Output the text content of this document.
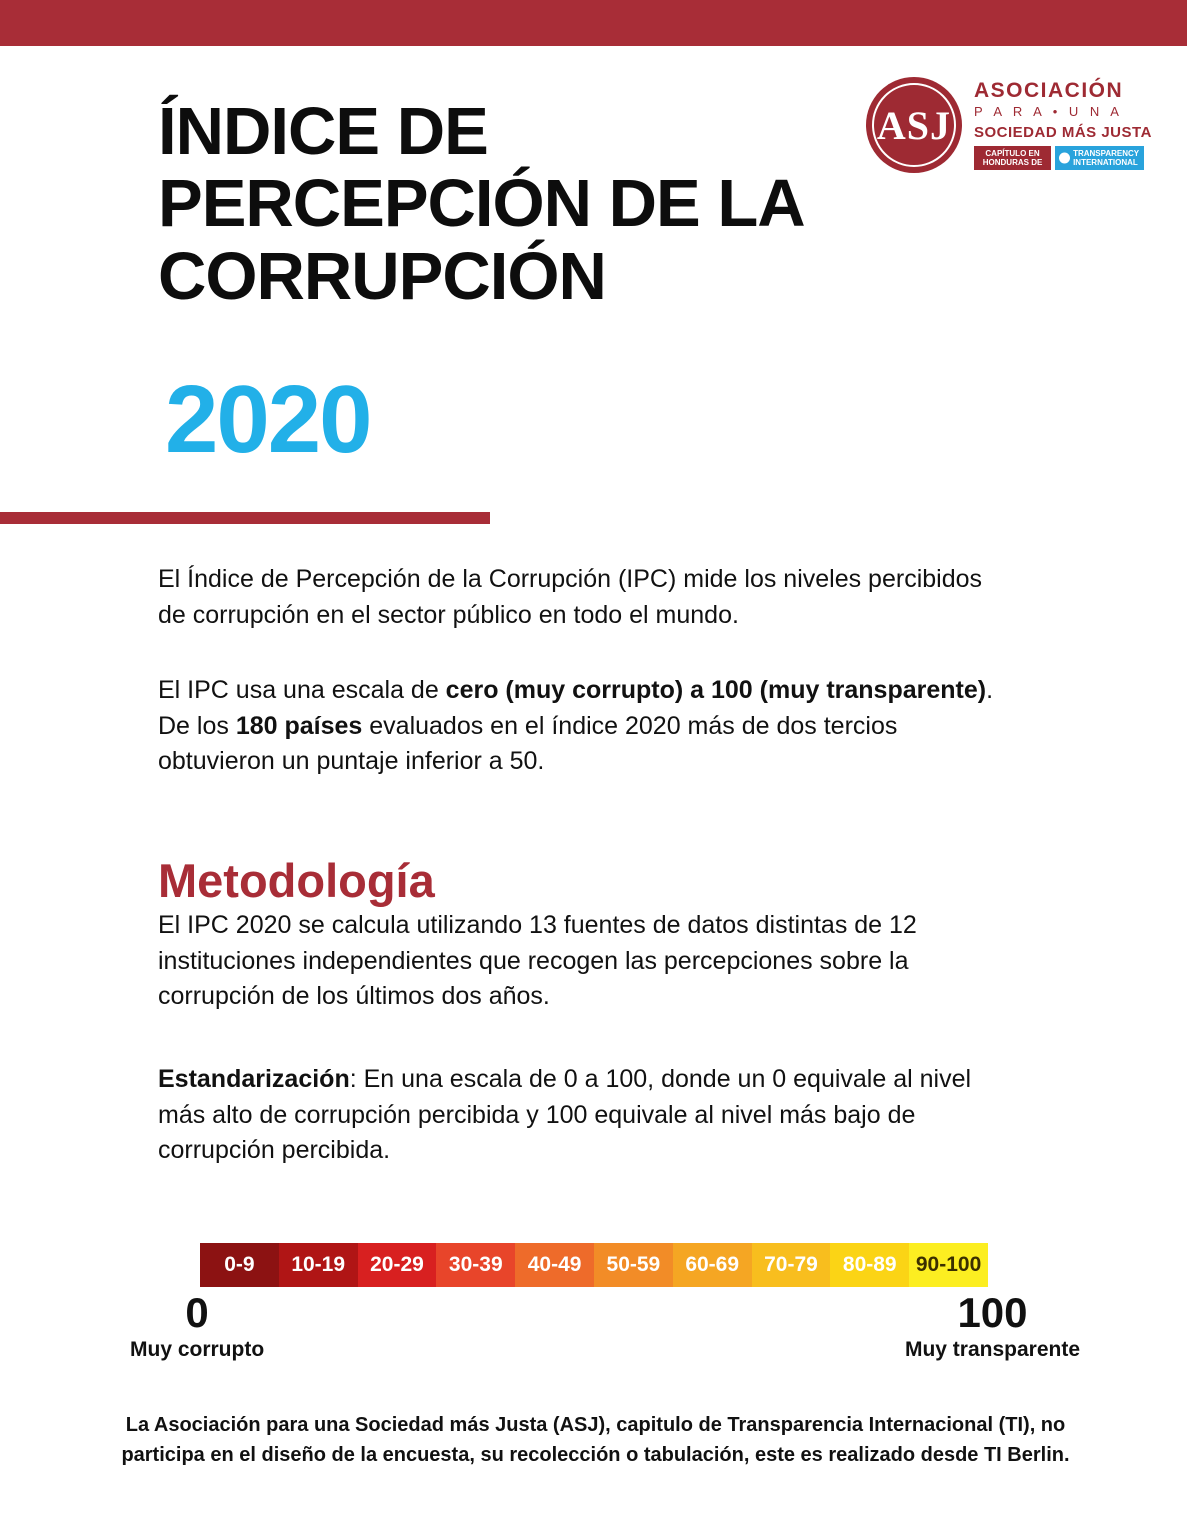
ASJ
ASOCIACIÓN
P A R A • U N A
SOCIEDAD MÁS JUSTA
CAPÍTULO EN HONDURAS DE
TRANSPARENCY INTERNATIONAL
ÍNDICE DE PERCEPCIÓN DE LA CORRUPCIÓN
2020
El Índice de Percepción de la Corrupción (IPC) mide los niveles percibidos de corrupción en el sector público en todo el mundo.
El IPC usa una escala de cero (muy corrupto) a 100 (muy transparente). De los 180 países evaluados en el índice 2020 más de dos tercios obtuvieron un puntaje inferior a 50.
Metodología
El IPC 2020 se calcula utilizando 13 fuentes de datos distintas de 12 instituciones independientes que recogen las percepciones sobre la corrupción de los últimos dos años.
Estandarización: En una escala de 0 a 100, donde un 0 equivale al nivel más alto de corrupción percibida y 100 equivale al nivel más bajo de corrupción percibida.
0-9 10-19 20-29 30-39 40-49 50-59 60-69 70-79 80-89 90-100
0
Muy corrupto
100
Muy transparente
La Asociación para una Sociedad más Justa (ASJ), capitulo de Transparencia Internacional (TI), no participa en el diseño de la encuesta, su recolección o tabulación, este es realizado desde TI Berlin.
